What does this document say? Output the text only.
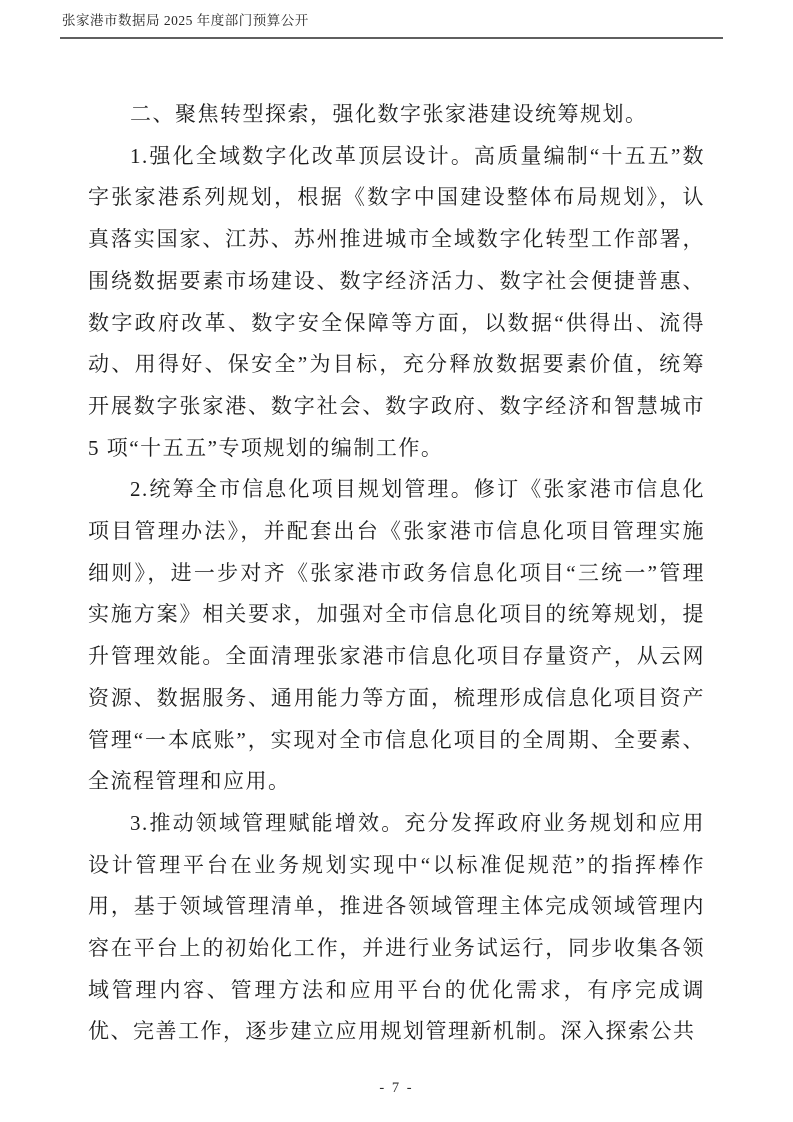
张家港市数据局 2025 年度部门预算公开

二、聚焦转型探索，强化数字张家港建设统筹规划。

1.强化全域数字化改革顶层设计。高质量编制“十五五”数字张家港系列规划，根据《数字中国建设整体布局规划》，认真落实国家、江苏、苏州推进城市全域数字化转型工作部署，围绕数据要素市场建设、数字经济活力、数字社会便捷普惠、数字政府改革、数字安全保障等方面，以数据“供得出、流得动、用得好、保安全”为目标，充分释放数据要素价值，统筹开展数字张家港、数字社会、数字政府、数字经济和智慧城市 5 项“十五五”专项规划的编制工作。

2.统筹全市信息化项目规划管理。修订《张家港市信息化项目管理办法》，并配套出台《张家港市信息化项目管理实施细则》，进一步对齐《张家港市政务信息化项目“三统一”管理实施方案》相关要求，加强对全市信息化项目的统筹规划，提升管理效能。全面清理张家港市信息化项目存量资产，从云网资源、数据服务、通用能力等方面，梳理形成信息化项目资产管理“一本底账”，实现对全市信息化项目的全周期、全要素、全流程管理和应用。

3.推动领域管理赋能增效。充分发挥政府业务规划和应用设计管理平台在业务规划实现中“以标准促规范”的指挥棒作用，基于领域管理清单，推进各领域管理主体完成领域管理内容在平台上的初始化工作，并进行业务试运行，同步收集各领域管理内容、管理方法和应用平台的优化需求，有序完成调优、完善工作，逐步建立应用规划管理新机制。深入探索公共

- 7 -
